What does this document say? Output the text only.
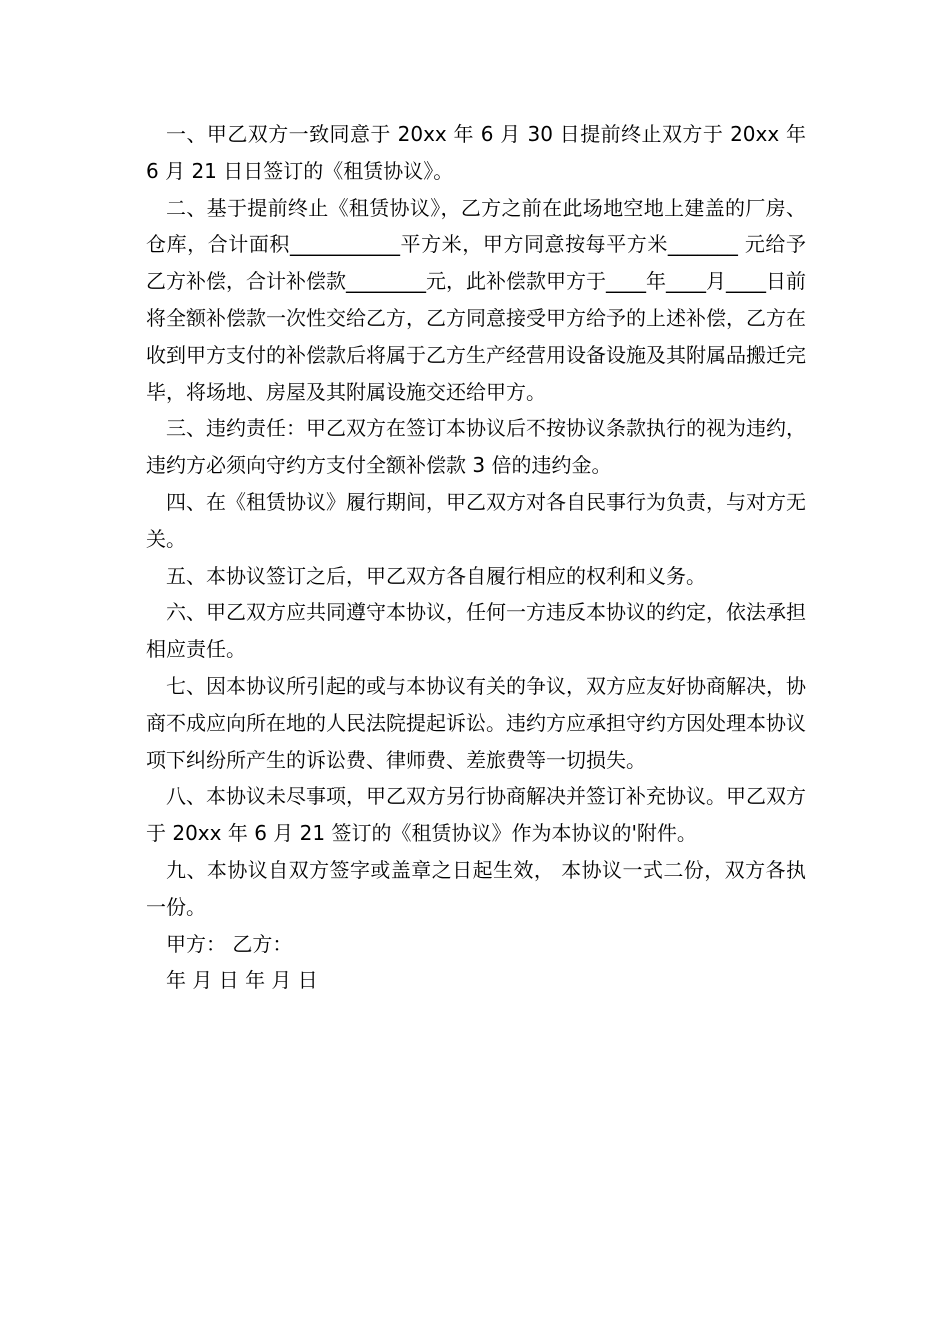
一、甲乙双方一致同意于 20xx 年 6 月 30 日提前终止双方于 20xx 年 6 月 21 日日签订的《租赁协议》。

二、基于提前终止《租赁协议》，乙方之前在此场地空地上建盖的厂房、仓库，合计面积___________平方米，甲方同意按每平方米_______ 元给予乙方补偿，合计补偿款________元，此补偿款甲方于____年____月____日前将全额补偿款一次性交给乙方，乙方同意接受甲方给予的上述补偿，乙方在收到甲方支付的补偿款后将属于乙方生产经营用设备设施及其附属品搬迁完毕，将场地、房屋及其附属设施交还给甲方。

三、违约责任：甲乙双方在签订本协议后不按协议条款执行的视为违约，违约方必须向守约方支付全额补偿款 3 倍的违约金。

四、在《租赁协议》履行期间，甲乙双方对各自民事行为负责，与对方无关。

五、本协议签订之后，甲乙双方各自履行相应的权利和义务。

六、甲乙双方应共同遵守本协议，任何一方违反本协议的约定，依法承担相应责任。

七、因本协议所引起的或与本协议有关的争议，双方应友好协商解决，协商不成应向所在地的人民法院提起诉讼。违约方应承担守约方因处理本协议项下纠纷所产生的诉讼费、律师费、差旅费等一切损失。

八、本协议未尽事项，甲乙双方另行协商解决并签订补充协议。甲乙双方于 20xx 年 6 月 21 签订的《租赁协议》作为本协议的'附件。

九、本协议自双方签字或盖章之日起生效， 本协议一式二份，双方各执一份。

甲方： 乙方：

年 月 日 年 月 日
